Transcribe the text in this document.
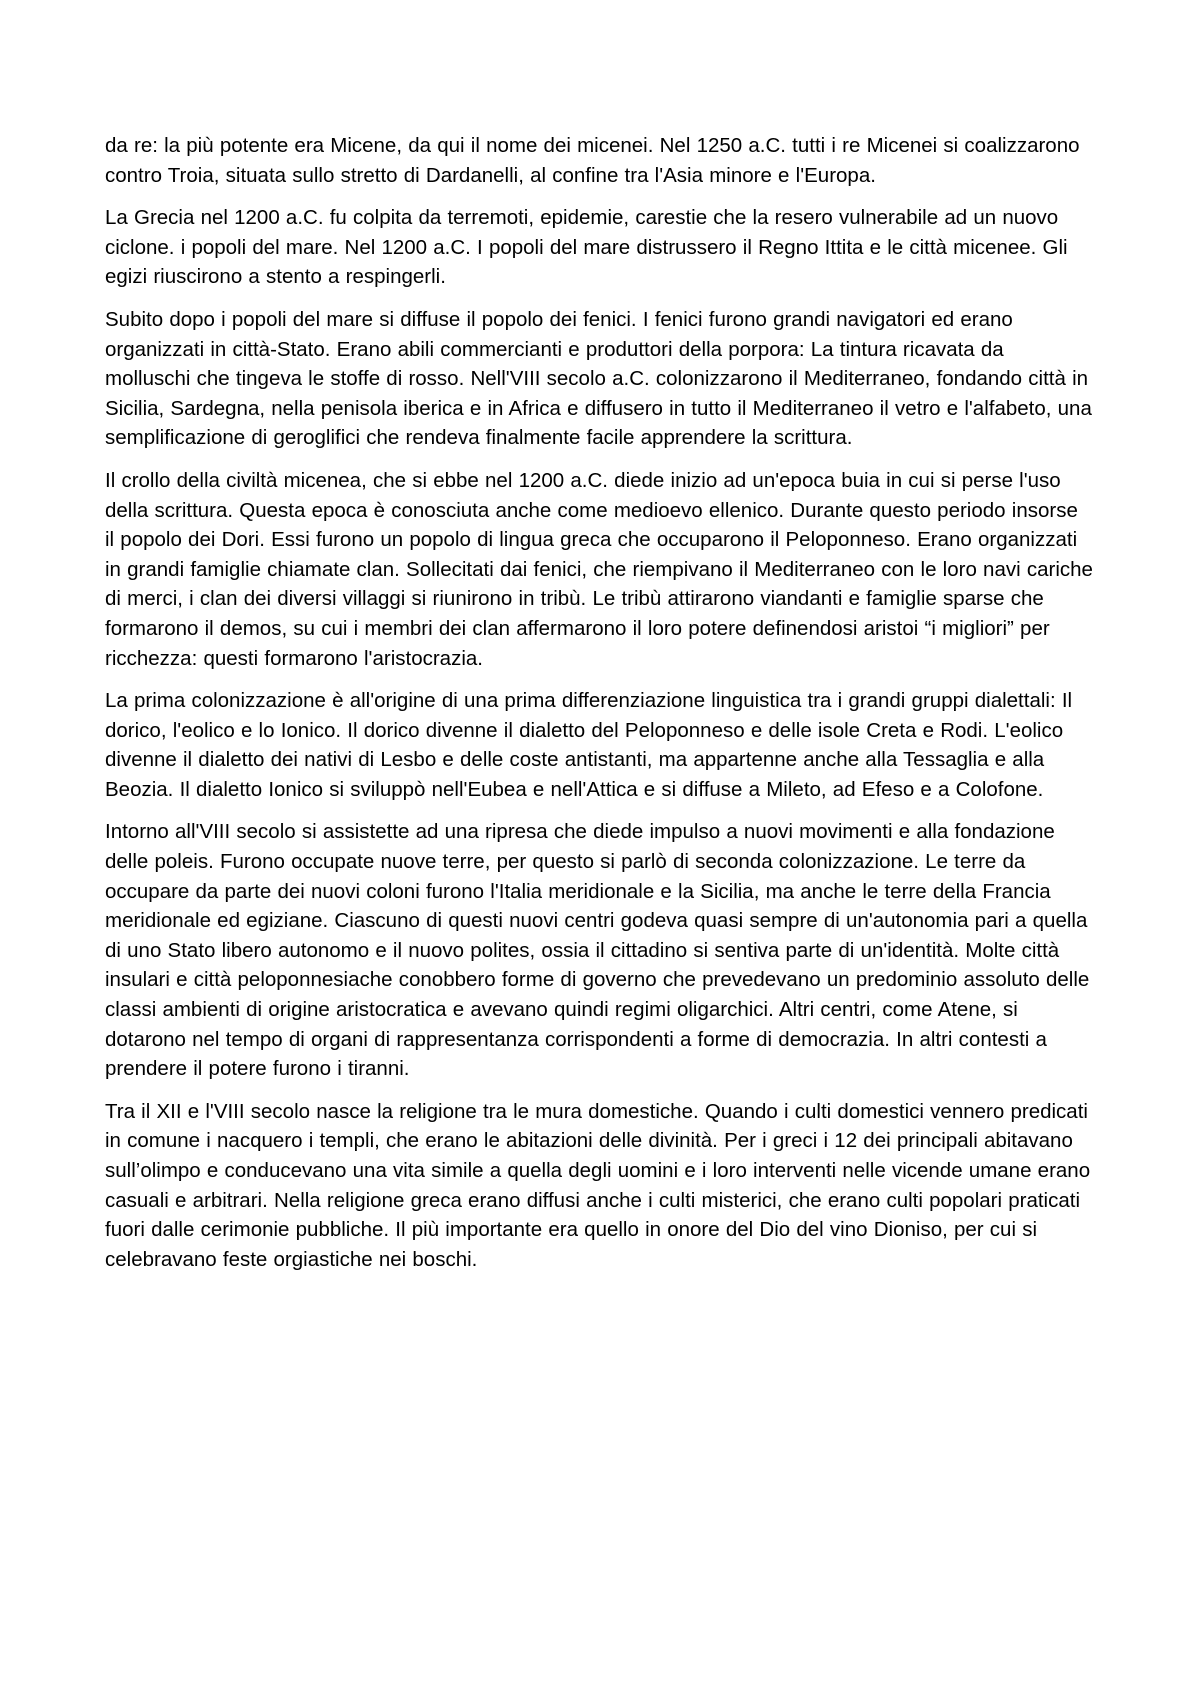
da re: la più potente era Micene, da qui il nome dei micenei. Nel 1250 a.C. tutti i re Micenei si coalizzarono contro Troia, situata sullo stretto di Dardanelli, al confine tra l'Asia minore e l'Europa.

La Grecia nel 1200 a.C. fu colpita da terremoti, epidemie, carestie che la resero vulnerabile ad un nuovo ciclone. i popoli del mare. Nel 1200 a.C. I popoli del mare distrussero il Regno Ittita e le città micenee. Gli egizi riuscirono a stento a respingerli.

Subito dopo i popoli del mare si diffuse il popolo dei fenici. I fenici furono grandi navigatori ed erano organizzati in città-Stato. Erano abili commercianti e produttori della porpora: La tintura ricavata da molluschi che tingeva le stoffe di rosso. Nell'VIII secolo a.C. colonizzarono il Mediterraneo, fondando città in Sicilia, Sardegna, nella penisola iberica e in Africa e diffusero in tutto il Mediterraneo il vetro e l'alfabeto, una semplificazione di geroglifici che rendeva finalmente facile apprendere la scrittura.

Il crollo della civiltà micenea, che si ebbe nel 1200 a.C. diede inizio ad un'epoca buia in cui si perse l'uso della scrittura. Questa epoca è conosciuta anche come medioevo ellenico. Durante questo periodo insorse il popolo dei Dori. Essi furono un popolo di lingua greca che occuparono il Peloponneso. Erano organizzati in grandi famiglie chiamate clan. Sollecitati dai fenici, che riempivano il Mediterraneo con le loro navi cariche di merci, i clan dei diversi villaggi si riunirono in tribù. Le tribù attirarono viandanti e famiglie sparse che formarono il demos, su cui i membri dei clan affermarono il loro potere definendosi aristoi “i migliori” per ricchezza: questi formarono l'aristocrazia.

La prima colonizzazione è all'origine di una prima differenziazione linguistica tra i grandi gruppi dialettali: Il dorico, l'eolico e lo Ionico. Il dorico divenne il dialetto del Peloponneso e delle isole Creta e Rodi. L'eolico divenne il dialetto dei nativi di Lesbo e delle coste antistanti, ma appartenne anche alla Tessaglia e alla Beozia. Il dialetto Ionico si sviluppò nell'Eubea e nell'Attica e si diffuse a Mileto, ad Efeso e a Colofone.

Intorno all'VIII secolo si assistette ad una ripresa che diede impulso a nuovi movimenti e alla fondazione delle poleis. Furono occupate nuove terre, per questo si parlò di seconda colonizzazione. Le terre da occupare da parte dei nuovi coloni furono l'Italia meridionale e la Sicilia, ma anche le terre della Francia meridionale ed egiziane. Ciascuno di questi nuovi centri godeva quasi sempre di un'autonomia pari a quella di uno Stato libero autonomo e il nuovo polites, ossia il cittadino si sentiva parte di un'identità. Molte città insulari e città peloponnesiache conobbero forme di governo che prevedevano un predominio assoluto delle classi ambienti di origine aristocratica e avevano quindi regimi oligarchici. Altri centri, come Atene, si dotarono nel tempo di organi di rappresentanza corrispondenti a forme di democrazia. In altri contesti a prendere il potere furono i tiranni.

Tra il XII e l'VIII secolo nasce la religione tra le mura domestiche. Quando i culti domestici vennero predicati in comune i nacquero i templi, che erano le abitazioni delle divinità. Per i greci i 12 dei principali abitavano sull’olimpo e conducevano una vita simile a quella degli uomini e i loro interventi nelle vicende umane erano casuali e arbitrari. Nella religione greca erano diffusi anche i culti misterici, che erano culti popolari praticati fuori dalle cerimonie pubbliche. Il più importante era quello in onore del Dio del vino Dioniso, per cui si celebravano feste orgiastiche nei boschi.
